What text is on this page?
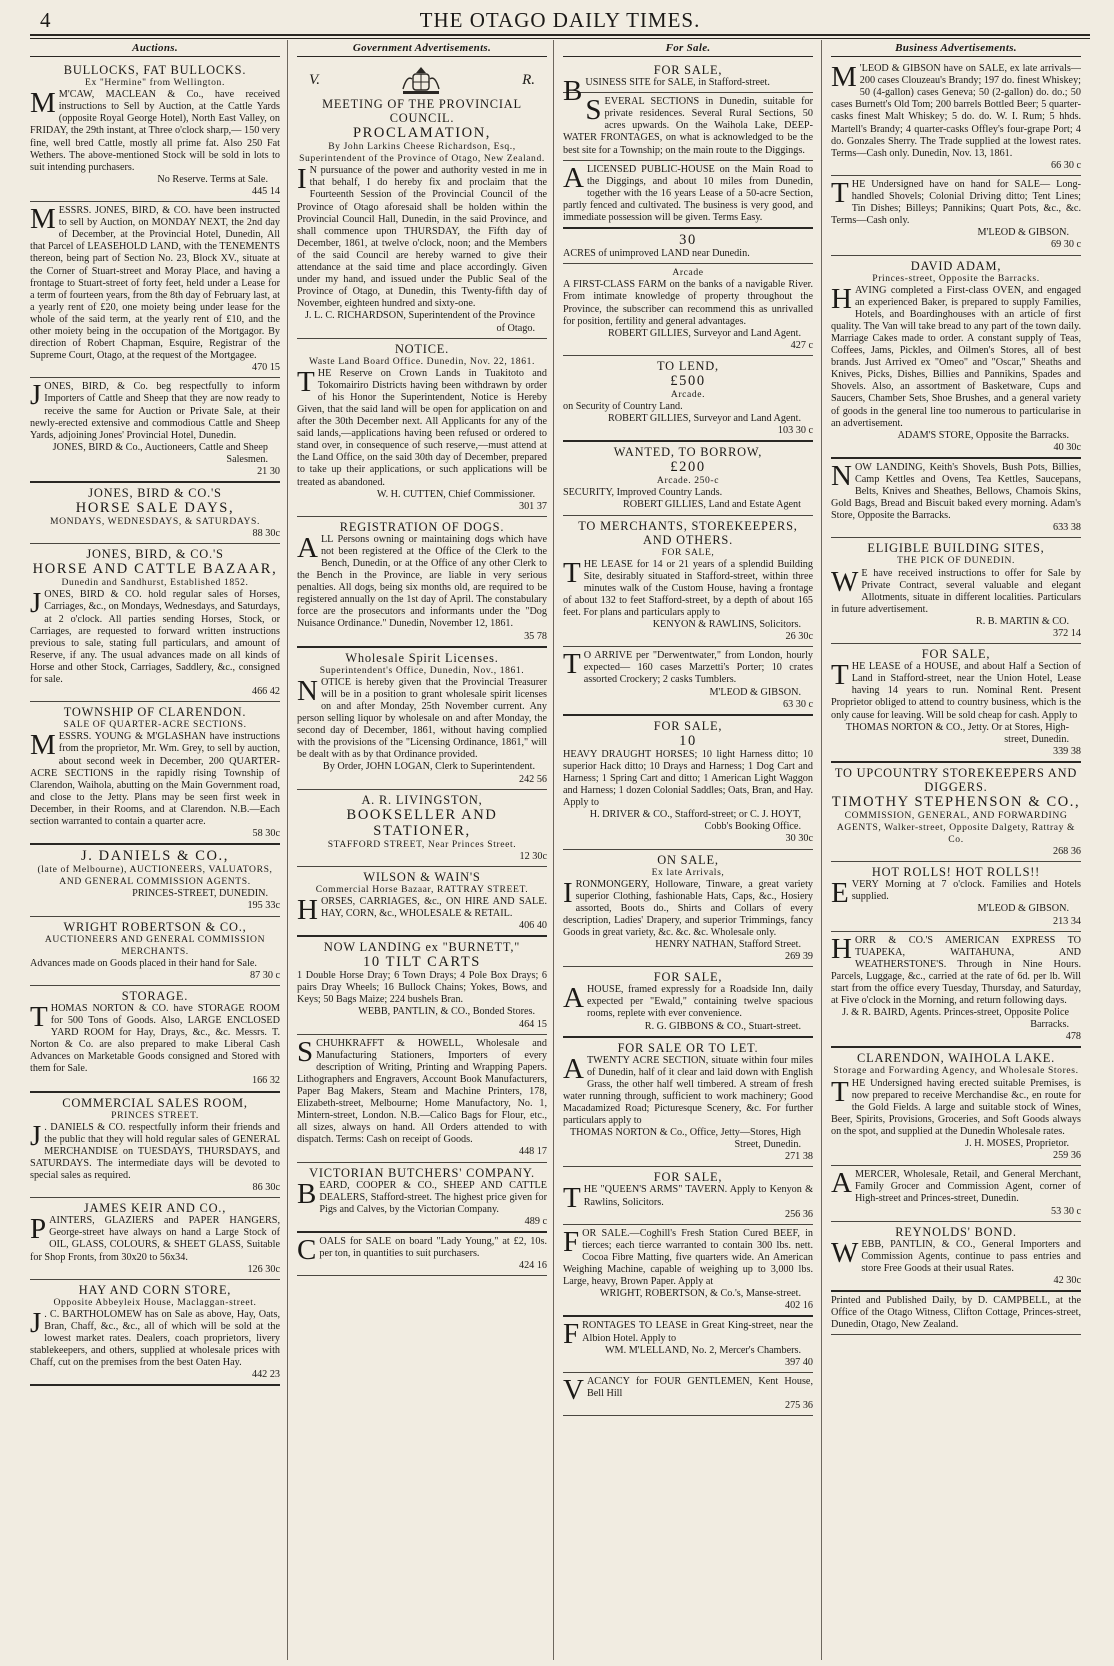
4	THE OTAGO DAILY TIMES.
Auctions.
BULLOCKS, FAT BULLOCKS.
Ex "Hermine" from Wellington.

M M'CAW, MACLEAN & Co., have received instructions to Sell by Auction, at the Cattle Yards (opposite Royal George Hotel), North East Valley, on FRIDAY, the 29th instant, at Three o'clock sharp,— 150 very fine, well bred Cattle, mostly all prime fat. Also 250 Fat Wethers. The above-mentioned Stock will be sold in lots to suit intending purchasers.

No Reserve. Terms at Sale.
445 14

MESSRS. JONES, BIRD, & CO. have been instructed to sell by Auction, on MONDAY NEXT, the 2nd day of December, at the Provincial Hotel, Dunedin, All that Parcel of LEASEHOLD LAND, with the TENEMENTS thereon, being part of Section No. 23, Block XV., situate at the Corner of Stuart-street and Moray Place, and having a frontage to Stuart-street of forty feet, held under a Lease for a term of fourteen years, from the 8th day of February last, at a yearly rent of £20, one moiety being under lease for the whole of the said term, at the yearly rent of £10, and the other moiety being in the occupation of the Mortgagor. By direction of Robert Chapman, Esquire, Registrar of the Supreme Court, Otago, at the request of the Mortgagee.

470 15

JONES, BIRD, & Co. beg respectfully to inform Importers of Cattle and Sheep that they are now ready to receive the same for Auction or Private Sale, at their newly-erected extensive and commodious Cattle and Sheep Yards, adjoining Jones' Provincial Hotel, Dunedin.

JONES, BIRD & Co., Auctioneers, Cattle and Sheep Salesmen.
21 30
JONES, BIRD & CO.'S
HORSE SALE DAYS,
MONDAYS, WEDNESDAYS, & SATURDAYS.
88 30c
JONES, BIRD, & CO.'S
HORSE AND CATTLE BAZAAR,
Dunedin and Sandhurst, Established 1852.

JONES, BIRD & CO. hold regular sales of Horses, Carriages, &c., on Mondays, Wednesdays, and Saturdays, at 2 o'clock. All parties sending Horses, Stock, or Carriages, are requested to forward written instructions previous to sale, stating full particulars, and amount of Reserve, if any. The usual advances made on all kinds of Horse and other Stock, Carriages, Saddlery, &c., consigned for sale.

466 42
TOWNSHIP OF CLARENDON.
SALE OF QUARTER-ACRE SECTIONS.

MESSRS. YOUNG & M'GLASHAN have instructions from the proprietor, Mr. Wm. Grey, to sell by auction, about second week in December, 200 QUARTER-ACRE SECTIONS in the rapidly rising Township of Clarendon, Waihola, abutting on the Main Government road, and close to the Jetty. Plans may be seen first week in December, in their Rooms, and at Clarendon. N.B.—Each section warranted to contain a quarter acre.

58 30c
J. DANIELS & CO.,
(late of Melbourne), AUCTIONEERS, VALUATORS, AND GENERAL COMMISSION AGENTS.
PRINCES-STREET, DUNEDIN.
195 33c
WRIGHT ROBERTSON & CO.,
AUCTIONEERS AND GENERAL COMMISSION MERCHANTS.

Advances made on Goods placed in their hand for Sale.

87 30 c
STORAGE.

THOMAS NORTON & CO. have STORAGE ROOM for 500 Tons of Goods. Also, LARGE ENCLOSED YARD ROOM for Hay, Drays, &c., &c. Messrs. T. Norton & Co. are also prepared to make Liberal Cash Advances on Marketable Goods consigned and Stored with them for Sale.

166 32
COMMERCIAL SALES ROOM,
PRINCES STREET.

J . DANIELS & CO. respectfully inform their friends and the public that they will hold regular sales of GENERAL MERCHANDISE on TUESDAYS, THURSDAYS, and SATURDAYS. The intermediate days will be devoted to special sales as required.

86 30c
JAMES KEIR AND CO.,

PAINTERS, GLAZIERS and PAPER HANGERS, George-street have always on hand a Large Stock of OIL, GLASS, COLOURS, & SHEET GLASS, Suitable for Shop Fronts, from 30x20 to 56x34.

126 30c
HAY AND CORN STORE,
Opposite Abbeyleix House, Maclaggan-street.

J . C. BARTHOLOMEW has on Sale as above, Hay, Oats, Bran, Chaff, &c., &c., all of which will be sold at the lowest market rates. Dealers, coach proprietors, livery stablekeepers, and others, supplied at wholesale prices with Chaff, cut on the premises from the best Oaten Hay.

442 23
Government Advertisements.
V.	R.
MEETING OF THE PROVINCIAL COUNCIL.
PROCLAMATION,
By John Larkins Cheese Richardson, Esq., Superintendent of the Province of Otago, New Zealand.

I N pursuance of the power and authority vested in me in that behalf, I do hereby fix and proclaim that the Fourteenth Session of the Provincial Council of the Province of Otago aforesaid shall be holden within the Provincial Council Hall, Dunedin, in the said Province, and shall commence upon THURSDAY, the Fifth day of December, 1861, at twelve o'clock, noon; and the Members of the said Council are hereby warned to give their attendance at the said time and place accordingly. Given under my hand, and issued under the Public Seal of the Province of Otago, at Dunedin, this Twenty-fifth day of November, eighteen hundred and sixty-one.

J. L. C. RICHARDSON, Superintendent of the Province of Otago.
NOTICE.
Waste Land Board Office. Dunedin, Nov. 22, 1861.

THE Reserve on Crown Lands in Tuakitoto and Tokomairiro Districts having been withdrawn by order of his Honor the Superintendent, Notice is Hereby Given, that the said land will be open for application on and after the 30th December next. All Applicants for any of the said lands,—applications having been refused or ordered to stand over, in consequence of such reserve,—must attend at the Land Office, on the said 30th day of December, prepared to take up their applications, or such applications will be treated as abandoned.

W. H. CUTTEN, Chief Commissioner.
301 37
REGISTRATION OF DOGS.

ALL Persons owning or maintaining dogs which have not been registered at the Office of the Clerk to the Bench, Dunedin, or at the Office of any other Clerk to the Bench in the Province, are liable in very serious penalties. All dogs, being six months old, are required to be registered annually on the 1st day of April. The constabulary force are the prosecutors and informants under the "Dog Nuisance Ordinance." Dunedin, November 12, 1861.

35 78
Wholesale Spirit Licenses.
Superintendent's Office, Dunedin, Nov., 1861.

NOTICE is hereby given that the Provincial Treasurer will be in a position to grant wholesale spirit licenses on and after Monday, 25th November current. Any person selling liquor by wholesale on and after Monday, the second day of December, 1861, without having complied with the provisions of the "Licensing Ordinance, 1861," will be dealt with as by that Ordinance provided.

By Order, JOHN LOGAN, Clerk to Superintendent.
242 56
A. R. LIVINGSTON,
BOOKSELLER AND STATIONER,
STAFFORD STREET, Near Princes Street.
12 30c
WILSON & WAIN'S
Commercial Horse Bazaar, RATTRAY STREET.

HORSES, CARRIAGES, &c., ON HIRE AND SALE. HAY, CORN, &c., WHOLESALE & RETAIL.

406 40
NOW LANDING ex "BURNETT,"
10 TILT CARTS

1 Double Horse Dray; 6 Town Drays; 4 Pole Box Drays; 6 pairs Dray Wheels; 16 Bullock Chains; Yokes, Bows, and Keys; 50 Bags Maize; 224 bushels Bran.

WEBB, PANTLIN, & CO., Bonded Stores.
464 15

SCHUHKRAFFT & HOWELL, Wholesale and Manufacturing Stationers, Importers of every description of Writing, Printing and Wrapping Papers. Lithographers and Engravers, Account Book Manufacturers, Paper Bag Makers, Steam and Machine Printers, 178, Elizabeth-street, Melbourne; Home Manufactory, No. 1, Mintern-street, London. N.B.—Calico Bags for Flour, etc., all sizes, always on hand. All Orders attended to with dispatch. Terms: Cash on receipt of Goods.

448 17
VICTORIAN BUTCHERS' COMPANY.

BEARD, COOPER & CO., SHEEP AND CATTLE DEALERS, Stafford-street. The highest price given for Pigs and Calves, by the Victorian Company.

489 c

COALS for SALE on board "Lady Young," at £2, 10s. per ton, in quantities to suit purchasers.

424 16
For Sale.
FOR SALE,

BUSINESS SITE for SALE, in Stafford-street.

SEVERAL SECTIONS in Dunedin, suitable for private residences. Several Rural Sections, 50 acres upwards. On the Waihola Lake, DEEP-WATER FRONTAGES, on what is acknowledged to be the best site for a Township; on the main route to the Diggings.

A LICENSED PUBLIC-HOUSE on the Main Road to the Diggings, and about 10 miles from Dunedin, together with the 16 years Lease of a 50-acre Section, partly fenced and cultivated. The business is very good, and immediate possession will be given. Terms Easy.

30

ACRES of unimproved LAND near Dunedin.

Arcade

A FIRST-CLASS FARM on the banks of a navigable River. From intimate knowledge of property throughout the Province, the subscriber can recommend this as unrivalled for position, fertility and general advantages.

ROBERT GILLIES, Surveyor and Land Agent.
427 c
TO LEND,
£500
Arcade.

on Security of Country Land.

ROBERT GILLIES, Surveyor and Land Agent.
103 30 c
WANTED, TO BORROW,
£200
Arcade. 250-c

SECURITY, Improved Country Lands.

ROBERT GILLIES, Land and Estate Agent
TO MERCHANTS, STOREKEEPERS, AND OTHERS.
FOR SALE,

THE LEASE for 14 or 21 years of a splendid Building Site, desirably situated in Stafford-street, within three minutes walk of the Custom House, having a frontage of about 132 to feet Stafford-street, by a depth of about 165 feet. For plans and particulars apply to

KENYON & RAWLINS, Solicitors.
26 30c

T O ARRIVE per "Derwentwater," from London, hourly expected— 160 cases Marzetti's Porter; 10 crates assorted Crockery; 2 casks Tumblers.

M'LEOD & GIBSON.
63 30 c
FOR SALE,
10

HEAVY DRAUGHT HORSES; 10 light Harness ditto; 10 superior Hack ditto; 10 Drays and Harness; 1 Dog Cart and Harness; 1 Spring Cart and ditto; 1 American Light Waggon and Harness; 1 dozen Colonial Saddles; Oats, Bran, and Hay. Apply to

H. DRIVER & CO., Stafford-street; or C. J. HOYT, Cobb's Booking Office.
30 30c
ON SALE,
Ex late Arrivals,

IRONMONGERY, Holloware, Tinware, a great variety superior Clothing, fashionable Hats, Caps, &c., Hosiery assorted, Boots do., Shirts and Collars of every description, Ladies' Drapery, and superior Trimmings, fancy Goods in great variety, &c. &c. &c. Wholesale only.

HENRY NATHAN, Stafford Street.
269 39
FOR SALE,

A HOUSE, framed expressly for a Roadside Inn, daily expected per "Ewald," containing twelve spacious rooms, replete with ever convenience.

R. G. GIBBONS & CO., Stuart-street.
FOR SALE OR TO LET.

A TWENTY ACRE SECTION, situate within four miles of Dunedin, half of it clear and laid down with English Grass, the other half well timbered. A stream of fresh water running through, sufficient to work machinery; Good Macadamized Road; Picturesque Scenery, &c. For further particulars apply to

THOMAS NORTON & Co., Office, Jetty—Stores, High Street, Dunedin.
271 38
FOR SALE,

THE "QUEEN'S ARMS" TAVERN. Apply to Kenyon & Rawlins, Solicitors.

256 36

FOR SALE.—Coghill's Fresh Station Cured BEEF, in tierces; each tierce warranted to contain 300 lbs. nett. Cocoa Fibre Matting, five quarters wide. An American Weighing Machine, capable of weighing up to 3,000 lbs. Large, heavy, Brown Paper. Apply at

WRIGHT, ROBERTSON, & Co.'s, Manse-street.
402 16

FRONTAGES TO LEASE in Great King-street, near the Albion Hotel. Apply to

WM. M'LELLAND, No. 2, Mercer's Chambers.
397 40

VACANCY for FOUR GENTLEMEN, Kent House, Bell Hill

275 36
Business Advertisements.

M 'LEOD & GIBSON have on SALE, ex late arrivals— 200 cases Clouzeau's Brandy; 197 do. finest Whiskey; 50 (4-gallon) cases Geneva; 50 (2-gallon) do. do.; 50 cases Burnett's Old Tom; 200 barrels Bottled Beer; 5 quarter-casks finest Malt Whiskey; 5 do. do. W. I. Rum; 5 hhds. Martell's Brandy; 4 quarter-casks Offley's four-grape Port; 4 do. Gonzales Sherry. The Trade supplied at the lowest rates. Terms—Cash only. Dunedin, Nov. 13, 1861.

66 30 c

THE Undersigned have on hand for SALE— Long-handled Shovels; Colonial Driving ditto; Tent Lines; Tin Dishes; Billeys; Pannikins; Quart Pots, &c., &c. Terms—Cash only.

M'LEOD & GIBSON.
69 30 c
DAVID ADAM,
Princes-street, Opposite the Barracks.

HAVING completed a First-class OVEN, and engaged an experienced Baker, is prepared to supply Families, Hotels, and Boardinghouses with an article of first quality. The Van will take bread to any part of the town daily. Marriage Cakes made to order. A constant supply of Teas, Coffees, Jams, Pickles, and Oilmen's Stores, all of best brands. Just Arrived ex "Omeo" and "Oscar," Sheaths and Knives, Picks, Dishes, Billies and Pannikins, Spades and Shovels. Also, an assortment of Basketware, Cups and Saucers, Chamber Sets, Shoe Brushes, and a general variety of goods in the general line too numerous to particularise in an advertisement.

ADAM'S STORE, Opposite the Barracks.
40 30c

NOW LANDING, Keith's Shovels, Bush Pots, Billies, Camp Kettles and Ovens, Tea Kettles, Saucepans, Belts, Knives and Sheathes, Bellows, Chamois Skins, Gold Bags, Bread and Biscuit baked every morning. Adam's Store, Opposite the Barracks.

633 38
ELIGIBLE BUILDING SITES,
THE PICK OF DUNEDIN.

W E have received instructions to offer for Sale by Private Contract, several valuable and elegant Allotments, situate in different localities. Particulars in future advertisement.

R. B. MARTIN & CO.
372 14
FOR SALE,

THE LEASE of a HOUSE, and about Half a Section of Land in Stafford-street, near the Union Hotel, Lease having 14 years to run. Nominal Rent. Present Proprietor obliged to attend to country business, which is the only cause for leaving. Will be sold cheap for cash. Apply to

THOMAS NORTON & CO., Jetty. Or at Stores, High-street, Dunedin.
339 38
TO UPCOUNTRY STOREKEEPERS AND DIGGERS.
TIMOTHY STEPHENSON & CO.,
COMMISSION, GENERAL, AND FORWARDING AGENTS, Walker-street, Opposite Dalgety, Rattray & Co.
268 36
HOT ROLLS! HOT ROLLS!!

EVERY Morning at 7 o'clock. Families and Hotels supplied.

M'LEOD & GIBSON.
213 34

HORR & CO.'S AMERICAN EXPRESS TO TUAPEKA, WAITAHUNA, AND WEATHERSTONE'S. Through in Nine Hours. Parcels, Luggage, &c., carried at the rate of 6d. per lb. Will start from the office every Tuesday, Thursday, and Saturday, at Five o'clock in the Morning, and return following days.

J. & R. BAIRD, Agents. Princes-street, Opposite Police Barracks.
478
CLARENDON, WAIHOLA LAKE.
Storage and Forwarding Agency, and Wholesale Stores.

THE Undersigned having erected suitable Premises, is now prepared to receive Merchandise &c., en route for the Gold Fields. A large and suitable stock of Wines, Beer, Spirits, Provisions, Groceries, and Soft Goods always on the spot, and supplied at the Dunedin Wholesale rates.

J. H. MOSES, Proprietor.
259 36

A MERCER, Wholesale, Retail, and General Merchant, Family Grocer and Commission Agent, corner of High-street and Princes-street, Dunedin.

53 30 c
REYNOLDS' BOND.

WEBB, PANTLIN, & CO., General Importers and Commission Agents, continue to pass entries and store Free Goods at their usual Rates.

42 30c

Printed and Published Daily, by D. CAMPBELL, at the Office of the Otago Witness, Clifton Cottage, Princes-street, Dunedin, Otago, New Zealand.
